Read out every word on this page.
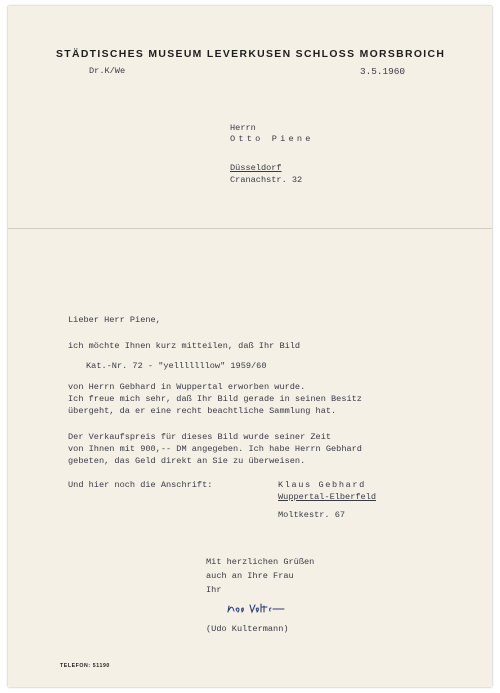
STÄDTISCHES MUSEUM LEVERKUSEN SCHLOSS MORSBROICH
Dr.K/We	3.5.1960
Herrn
Otto Piene
Düsseldorf
Cranachstr. 32
Lieber Herr Piene,
ich möchte Ihnen kurz mitteilen, daß Ihr Bild
Kat.-Nr. 72 - "yelllllllow" 1959/60
von Herrn Gebhard in Wuppertal erworben wurde.
Ich freue mich sehr, daß Ihr Bild gerade in seinen Besitz
übergeht, da er eine recht beachtliche Sammlung hat.
Der Verkaufspreis für dieses Bild wurde seiner Zeit
von Ihnen mit 900,-- DM angegeben. Ich habe Herrn Gebhard
gebeten, das Geld direkt an Sie zu überweisen.
Und hier noch die Anschrift:	Klaus Gebhard
Wuppertal-Elberfeld
Moltkestr. 67
Mit herzlichen Grüßen
auch an Ihre Frau
Ihr
(Udo Kultermann)
TELEFON: 51190
